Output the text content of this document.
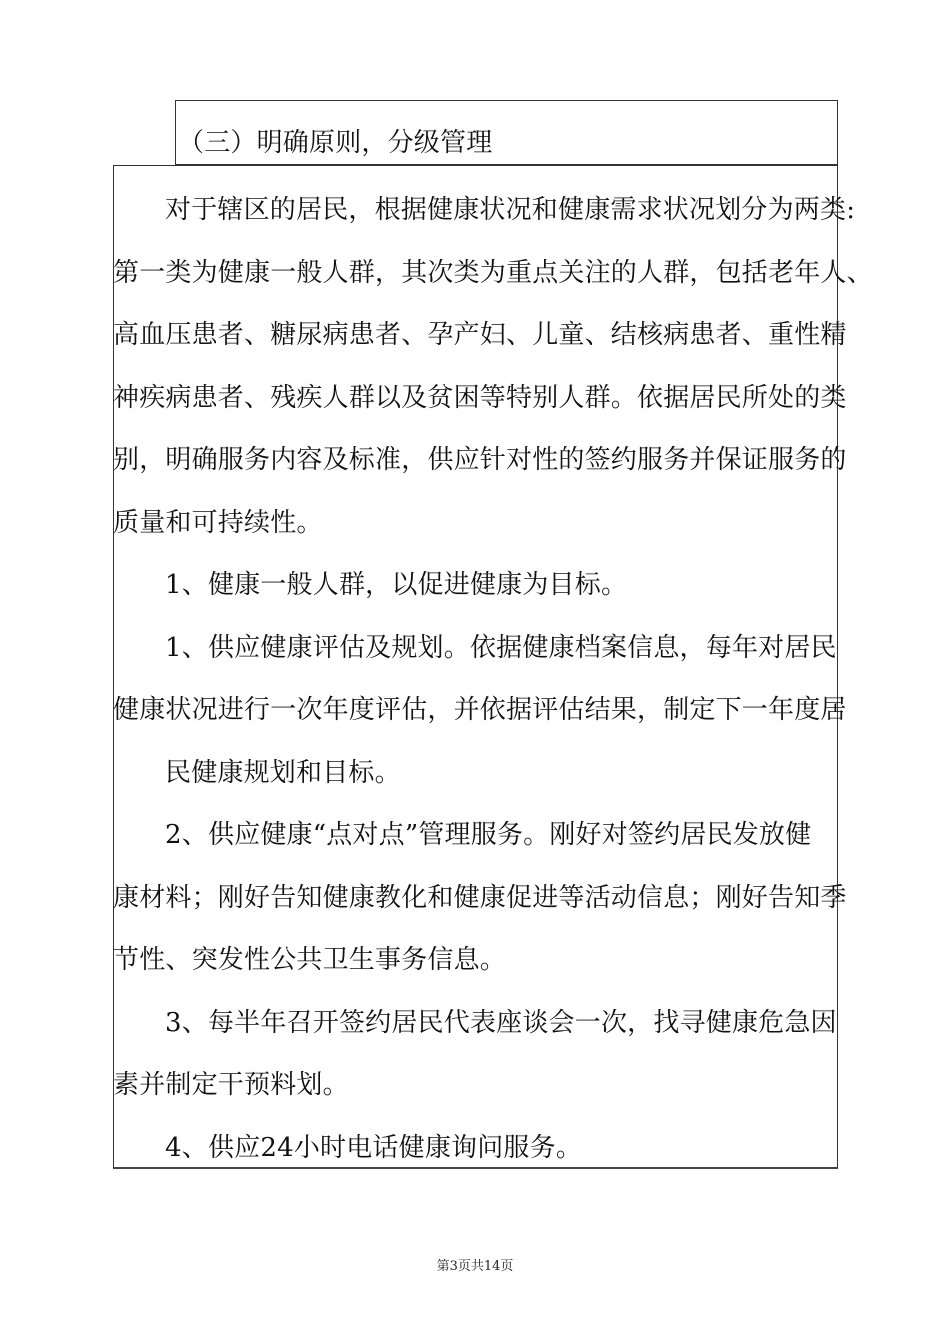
（三）明确原则，分级管理
对于辖区的居民，根据健康状况和健康需求状况划分为两类:
第一类为健康一般人群，其次类为重点关注的人群，包括老年人、
高血压患者、糖尿病患者、孕产妇、儿童、结核病患者、重性精
神疾病患者、残疾人群以及贫困等特别人群。依据居民所处的类
别，明确服务内容及标准，供应针对性的签约服务并保证服务的
质量和可持续性。
1、健康一般人群，以促进健康为目标。
1、供应健康评估及规划。依据健康档案信息，每年对居民
健康状况进行一次年度评估，并依据评估结果，制定下一年度居
民健康规划和目标。
2、供应健康“点对点”管理服务。刚好对签约居民发放健
康材料；刚好告知健康教化和健康促进等活动信息；刚好告知季
节性、突发性公共卫生事务信息。
3、每半年召开签约居民代表座谈会一次，找寻健康危急因
素并制定干预料划。
4、供应24小时电话健康询问服务。
第3页共14页
